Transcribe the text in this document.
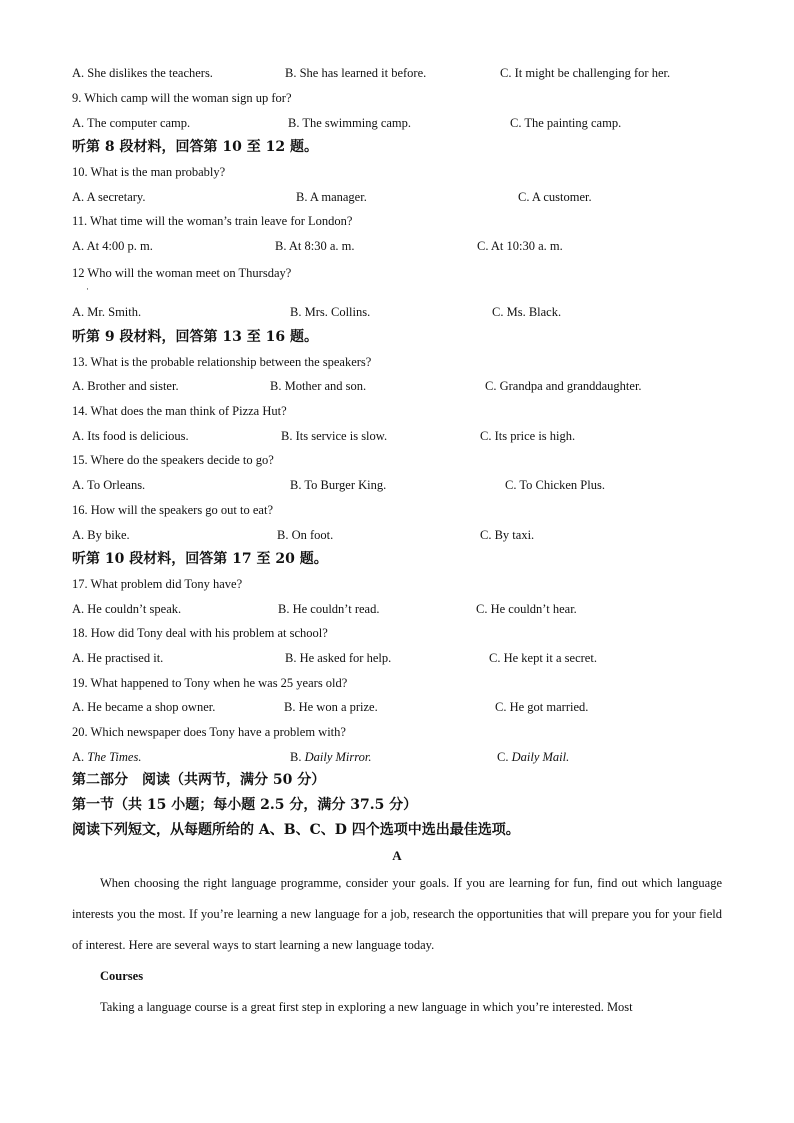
A. She dislikes the teachers.	B. She has learned it before.	C. It might be challenging for her.
9. Which camp will the woman sign up for?
A. The computer camp.	B. The swimming camp.	C. The painting camp.
听第 8 段材料，回答第 10 至 12 题。
10. What is the man probably?
A. A secretary.	B. A manager.	C. A customer.
11. What time will the woman’s train leave for London?
A. At 4:00 p. m.	B. At 8:30 a. m.	C. At 10:30 a. m.
12 Who will the woman meet on Thursday?
·
A. Mr. Smith.	B. Mrs. Collins.	C. Ms. Black.
听第 9 段材料，回答第 13 至 16 题。
13. What is the probable relationship between the speakers?
A. Brother and sister.	B. Mother and son.	C. Grandpa and granddaughter.
14. What does the man think of Pizza Hut?
A. Its food is delicious.	B. Its service is slow.	C. Its price is high.
15. Where do the speakers decide to go?
A. To Orleans.	B. To Burger King.	C. To Chicken Plus.
16. How will the speakers go out to eat?
A. By bike.	B. On foot.	C. By taxi.
听第 10 段材料，回答第 17 至 20 题。
17. What problem did Tony have?
A. He couldn’t speak.	B. He couldn’t read.	C. He couldn’t hear.
18. How did Tony deal with his problem at school?
A. He practised it.	B. He asked for help.	C. He kept it a secret.
19. What happened to Tony when he was 25 years old?
A. He became a shop owner.	B. He won a prize.	C. He got married.
20. Which newspaper does Tony have a problem with?
A. The Times.	B. Daily Mirror.	C. Daily Mail.
第二部分　阅读（共两节，满分 50 分）
第一节（共 15 小题；每小题 2.5 分，满分 37.5 分）
阅读下列短文，从每题所给的 A、B、C、D 四个选项中选出最佳选项。
A
When choosing the right language programme, consider your goals. If you are learning for fun, find out which language interests you the most. If you’re learning a new language for a job, research the opportunities that will prepare you for your field of interest. Here are several ways to start learning a new language today.
Courses
Taking a language course is a great first step in exploring a new language in which you’re interested. Most
